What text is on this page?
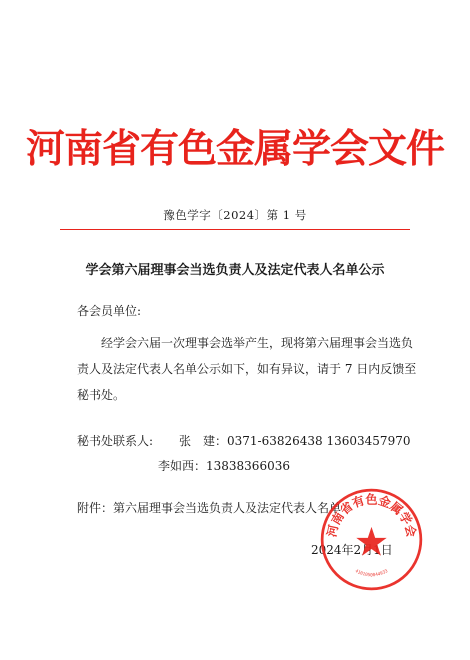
河南省有色金属学会文件
豫色学字〔2024〕第 1 号
学会第六届理事会当选负责人及法定代表人名单公示
各会员单位:
经学会六届一次理事会选举产生，现将第六届理事会当选负
责人及法定代表人名单公示如下，如有异议，请于 7 日内反馈至
秘书处。
秘书处联系人: 张　建：0371-63826438 13603457970
李如西：13838366036
附件：第六届理事会当选负责人及法定代表人名单
2024年2月1日
河南省有色金属学会
4101050044933
